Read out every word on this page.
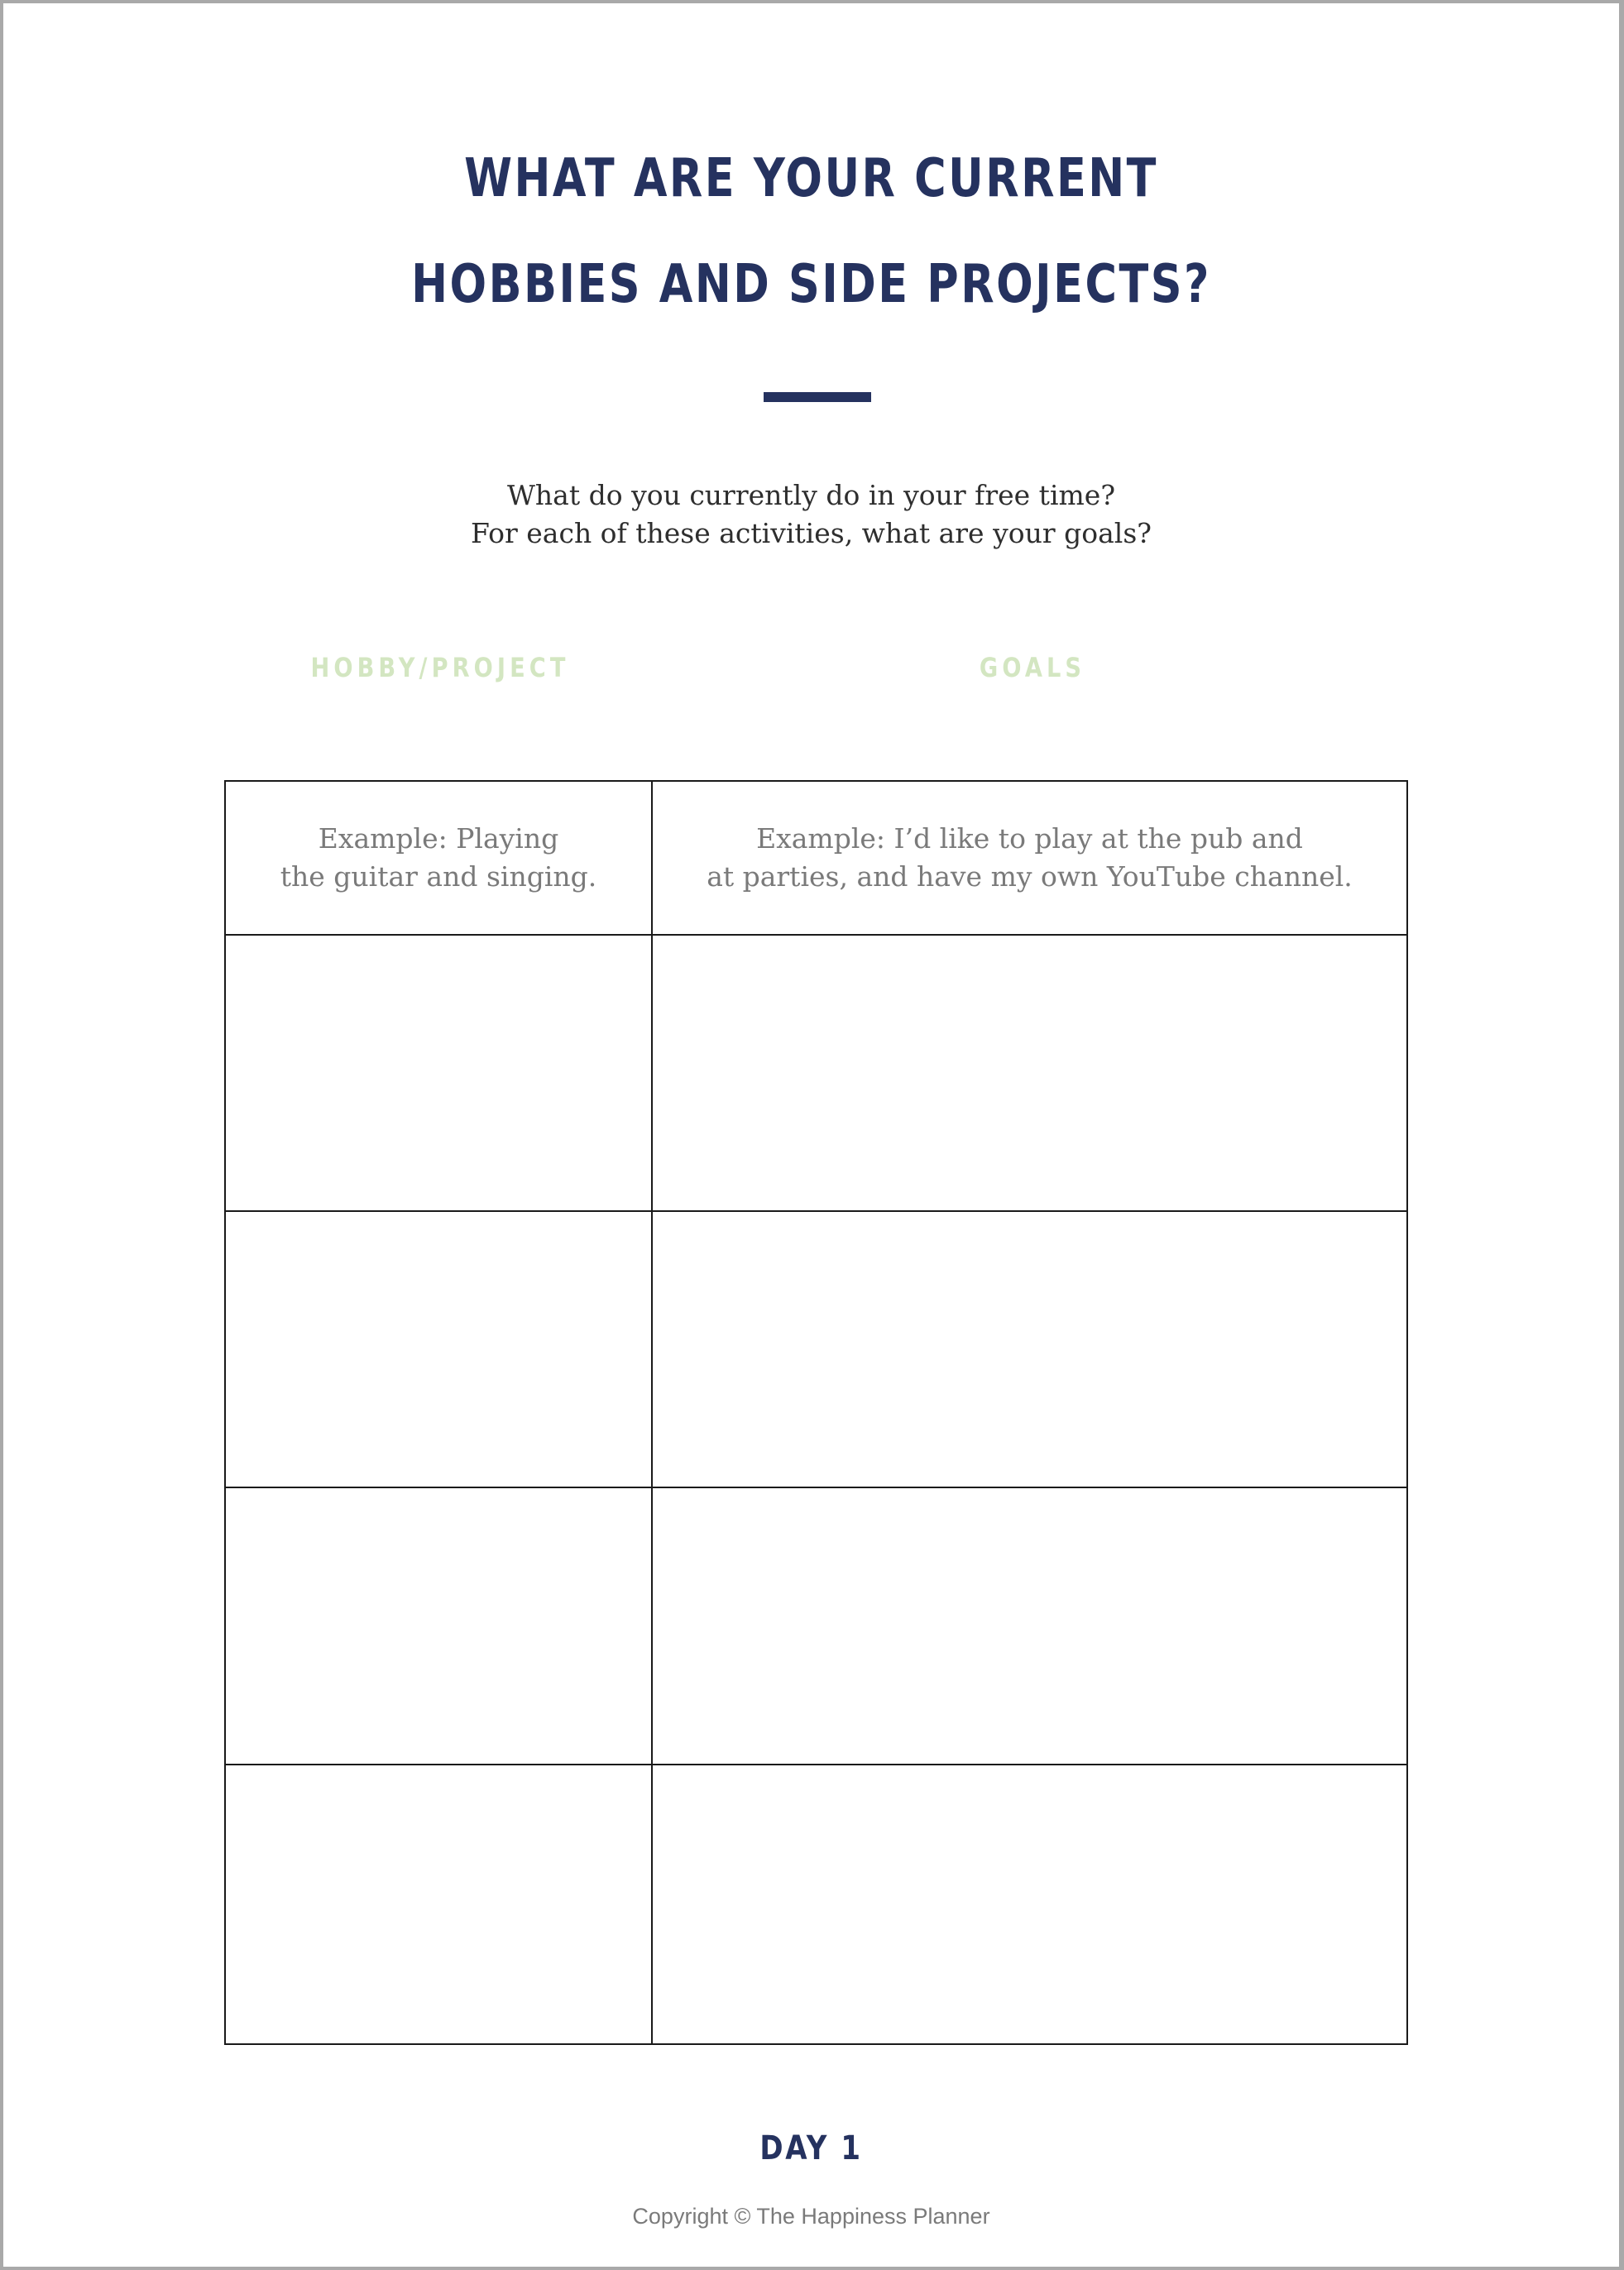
WHAT ARE YOUR CURRENT
HOBBIES AND SIDE PROJECTS?
What do you currently do in your free time?
For each of these activities, what are your goals?
HOBBY/PROJECT	GOALS
Example: Playing
the guitar and singing.
Example: I’d like to play at the pub and
at parties, and have my own YouTube channel.
DAY 1
Copyright © The Happiness Planner
